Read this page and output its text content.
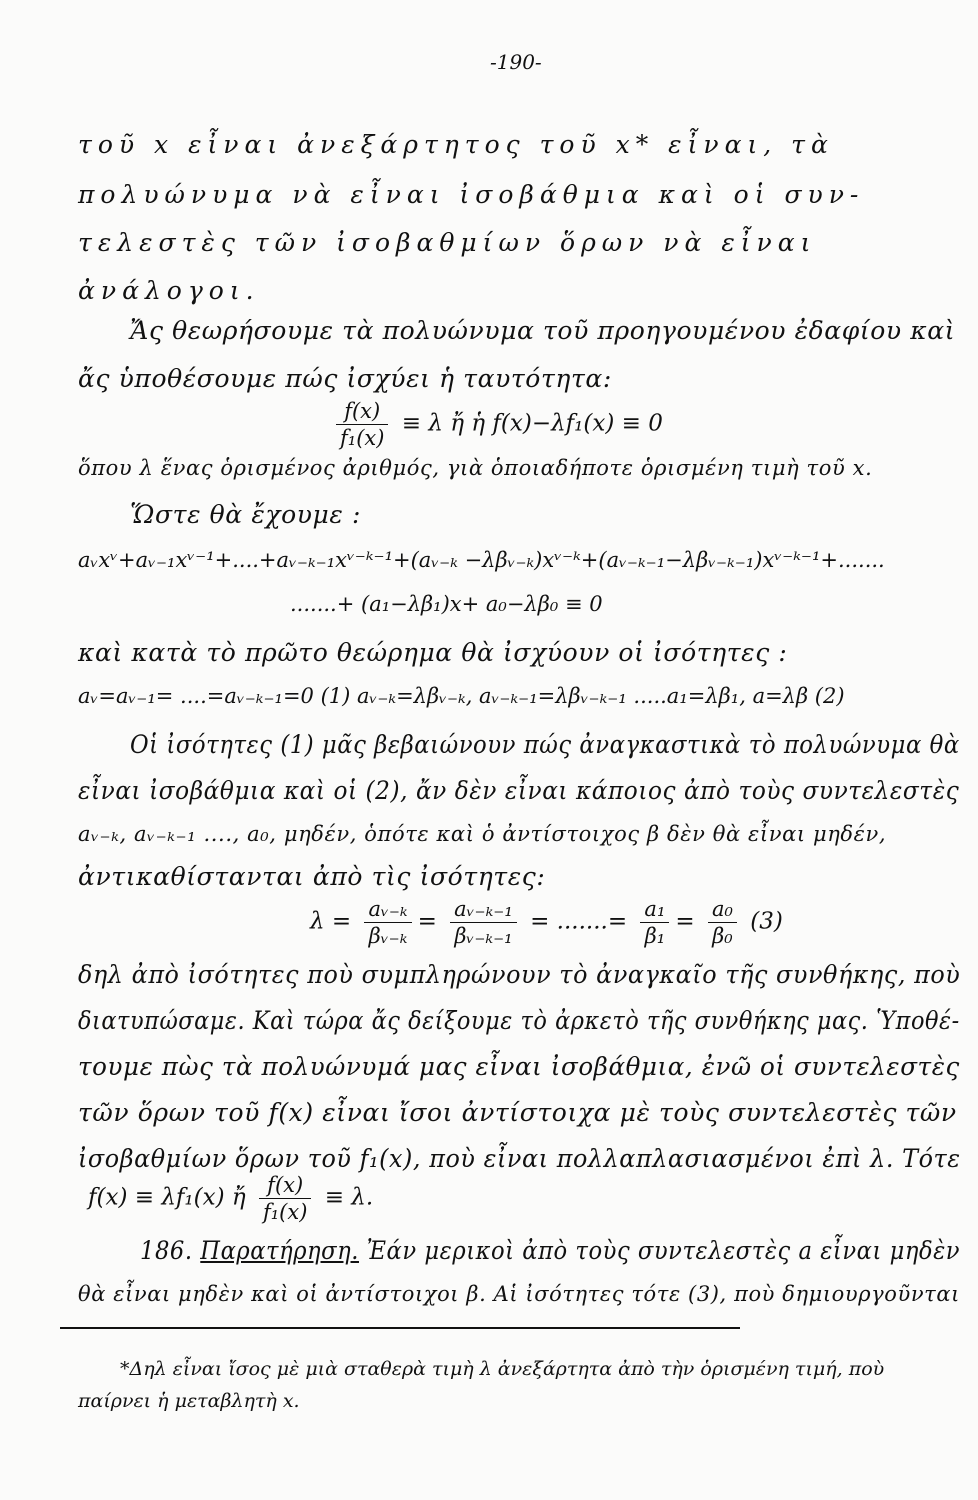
-190-
τοῦ x εἶναι ἀνεξάρτητος τοῦ x* εἶναι, τὰ
πολυώνυμα νὰ εἶναι ἰσοβάθμια καὶ οἱ συν-
τελεστὲς τῶν ἰσοβαθμίων ὅρων νὰ εἶναι
ἀνάλογοι.
Ἄς θεωρήσουμε τὰ πολυώνυμα τοῦ προηγουμένου ἐδαφίου καὶ
ἄς ὑποθέσουμε πώς ἰσχύει ἡ ταυτότητα:
$\frac{f(x)}{\text{f₁(x)}} \equiv \lambda$ ἤ ἡ f(x)−λf₁(x) ≡ 0
ὅπου λ ἕνας ὁρισμένος ἀριθμός, γιὰ ὁποιαδήποτε ὁρισμένη τιμὴ τοῦ x.
Ὥστε θὰ ἔχουμε :
aᵥxᵛ+aᵥ₋₁xᵛ⁻¹+....+aᵥ₋ₖ₋₁xᵛ⁻ᵏ⁻¹+(aᵥ₋ₖ −λβᵥ₋ₖ)xᵛ⁻ᵏ+(aᵥ₋ₖ₋₁−λβᵥ₋ₖ₋₁)xᵛ⁻ᵏ⁻¹+.......
.......+ (a₁−λβ₁)x+ a₀−λβ₀ ≡ 0
καὶ κατὰ τὸ πρῶτο θεώρημα θὰ ἰσχύουν οἱ ἰσότητες :
aᵥ=aᵥ₋₁= ....=aᵥ₋ₖ₋₁=0 (1) aᵥ₋ₖ=λβᵥ₋ₖ, aᵥ₋ₖ₋₁=λβᵥ₋ₖ₋₁ .....a₁=λβ₁, a=λβ (2)
Οἱ ἰσότητες (1) μᾶς βεβαιώνουν πώς ἀναγκαστικὰ τὸ πολυώνυμα θὰ
εἶναι ἰσοβάθμια καὶ οἱ (2), ἄν δὲν εἶναι κάποιος ἀπὸ τοὺς συντελεστὲς
aᵥ₋ₖ, aᵥ₋ₖ₋₁ ...., a₀, μηδέν, ὁπότε καὶ ὁ ἀντίστοιχος β δὲν θὰ εἶναι μηδέν,
ἀντικαθίστανται ἀπὸ τὶς ἰσότητες:
$\lambda = \frac{\text{aᵥ₋ₖ}}{\text{βᵥ₋ₖ}} = \frac{\text{aᵥ₋ₖ₋₁}}{\text{βᵥ₋ₖ₋₁}}$ = .......= $\frac{\text{a₁}}{\text{β₁}} = \frac{\text{a₀}}{\text{β₀}} (3)$
δηλ ἀπὸ ἰσότητες ποὺ συμπληρώνουν τὸ ἀναγκαῖο τῆς συνθήκης, ποὺ
διατυπώσαμε. Καὶ τώρα ἄς δείξουμε τὸ ἀρκετὸ τῆς συνθήκης μας. Ὑποθέ-
τουμε πὼς τὰ πολυώνυμά μας εἶναι ἰσοβάθμια, ἐνῶ οἱ συντελεστὲς
τῶν ὅρων τοῦ f(x) εἶναι ἴσοι ἀντίστοιχα μὲ τοὺς συντελεστὲς τῶν
ἰσοβαθμίων ὅρων τοῦ f₁(x), ποὺ εἶναι πολλαπλασιασμένοι ἐπὶ λ. Τότε
f(x) ≡ λf₁(x) ἤ $\frac{f(x)}{\text{f₁(x)}} \equiv \lambda$.
186. Παρατήρηση. Ἐάν μερικοὶ ἀπὸ τοὺς συντελεστὲς a εἶναι μηδὲν
θὰ εἶναι μηδὲν καὶ οἱ ἀντίστοιχοι β. Αἱ ἰσότητες τότε (3), ποὺ δημιουργοῦνται
*Δηλ εἶναι ἴσος μὲ μιὰ σταθερὰ τιμὴ λ ἀνεξάρτητα ἀπὸ τὴν ὁρισμένη τιμή, ποὺ
παίρνει ἡ μεταβλητὴ x.
